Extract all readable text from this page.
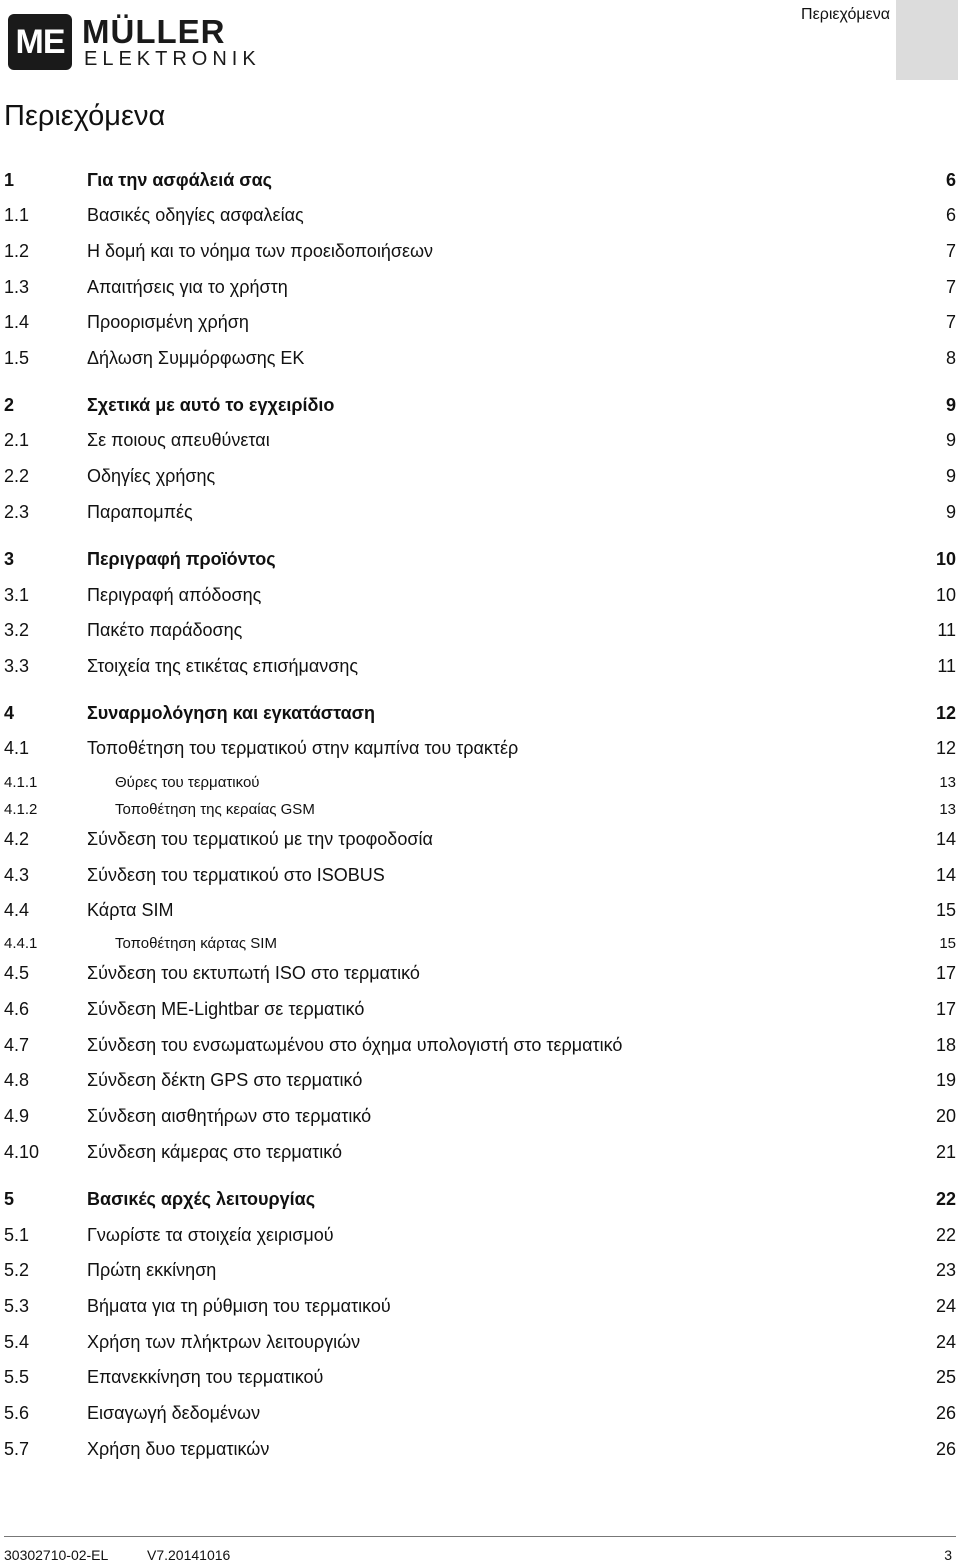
ME MÜLLER
ELEKTRONIK
Περιεχόμενα
Περιεχόμενα
1	Για την ασφάλειά σας	6
1.1	Βασικές οδηγίες ασφαλείας	6
1.2	Η δομή και το νόημα των προειδοποιήσεων	7
1.3	Απαιτήσεις για το χρήστη	7
1.4	Προορισμένη χρήση	7
1.5	Δήλωση Συμμόρφωσης ΕΚ	8
2	Σχετικά με αυτό το εγχειρίδιο	9
2.1	Σε ποιους απευθύνεται	9
2.2	Οδηγίες χρήσης	9
2.3	Παραπομπές	9
3	Περιγραφή προϊόντος	10
3.1	Περιγραφή απόδοσης	10
3.2	Πακέτο παράδοσης	11
3.3	Στοιχεία της ετικέτας επισήμανσης	11
4	Συναρμολόγηση και εγκατάσταση	12
4.1	Τοποθέτηση του τερματικού στην καμπίνα του τρακτέρ	12
4.1.1	Θύρες του τερματικού	13
4.1.2	Τοποθέτηση της κεραίας GSM	13
4.2	Σύνδεση του τερματικού με την τροφοδοσία	14
4.3	Σύνδεση του τερματικού στο ISOBUS	14
4.4	Κάρτα SIM	15
4.4.1	Τοποθέτηση κάρτας SIM	15
4.5	Σύνδεση του εκτυπωτή ISO στο τερματικό	17
4.6	Σύνδεση ME-Lightbar σε τερματικό	17
4.7	Σύνδεση του ενσωματωμένου στο όχημα υπολογιστή στο τερματικό	18
4.8	Σύνδεση δέκτη GPS στο τερματικό	19
4.9	Σύνδεση αισθητήρων στο τερματικό	20
4.10	Σύνδεση κάμερας στο τερματικό	21
5	Βασικές αρχές λειτουργίας	22
5.1	Γνωρίστε τα στοιχεία χειρισμού	22
5.2	Πρώτη εκκίνηση	23
5.3	Βήματα για τη ρύθμιση του τερματικού	24
5.4	Χρήση των πλήκτρων λειτουργιών	24
5.5	Επανεκκίνηση του τερματικού	25
5.6	Εισαγωγή δεδομένων	26
5.7	Χρήση δυο τερματικών	26
30302710-02-EL	V7.20141016	3
